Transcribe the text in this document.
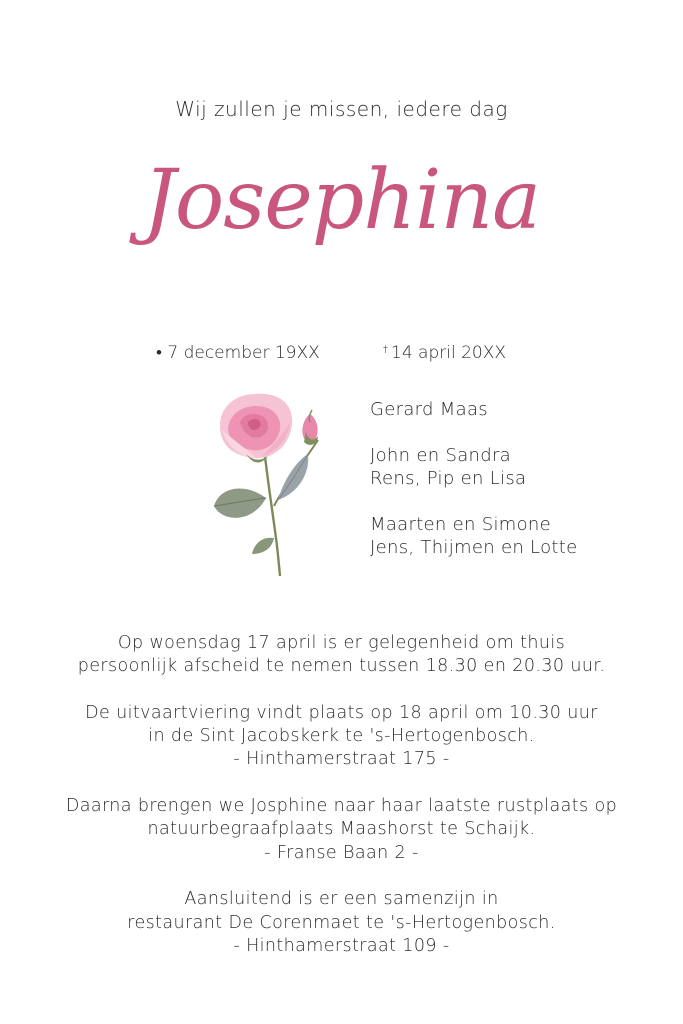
Wij zullen je missen, iedere dag
Josephina
• 7 december 19XX	† 14 april 20XX
Gerard Maas
John en Sandra
Rens, Pip en Lisa
Maarten en Simone
Jens, Thijmen en Lotte
Op woensdag 17 april is er gelegenheid om thuis
persoonlijk afscheid te nemen tussen 18.30 en 20.30 uur.
De uitvaartviering vindt plaats op 18 april om 10.30 uur
in de Sint Jacobskerk te 's-Hertogenbosch.
- Hinthamerstraat 175 -
Daarna brengen we Josphine naar haar laatste rustplaats op
natuurbegraafplaats Maashorst te Schaijk.
- Franse Baan 2 -
Aansluitend is er een samenzijn in
restaurant De Corenmaet te 's-Hertogenbosch.
- Hinthamerstraat 109 -
